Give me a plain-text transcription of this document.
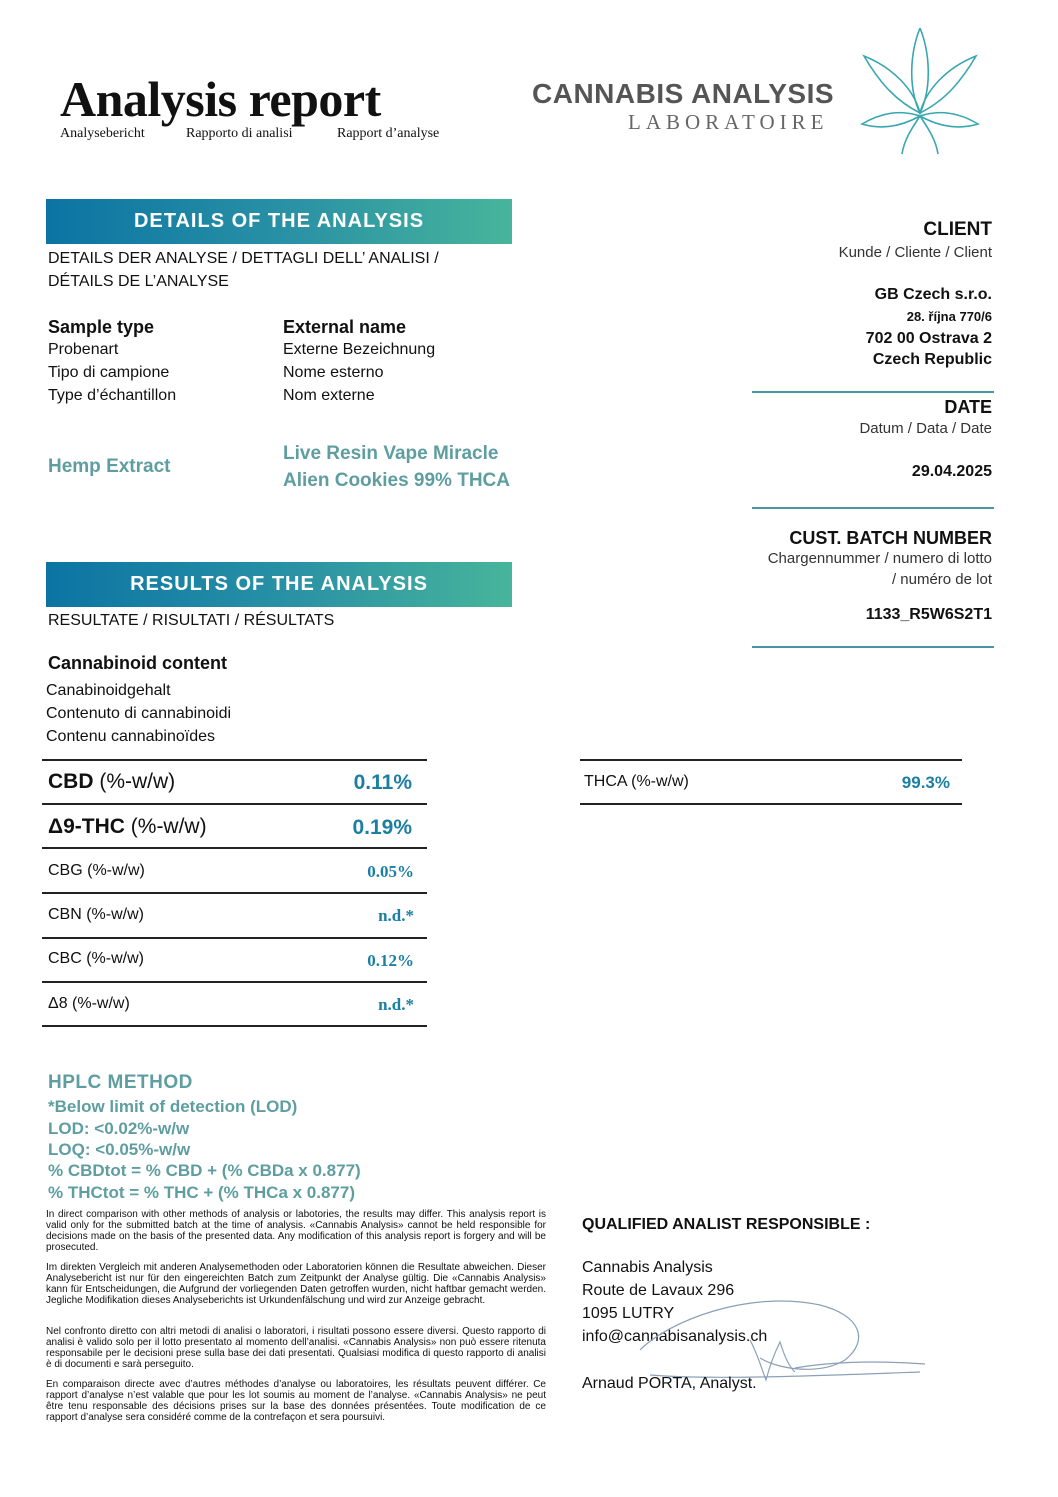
Analysis report
Analysebericht	Rapporto di analisi	Rapport d’analyse
CANNABIS ANALYSIS
LABORATOIRE
DETAILS OF THE ANALYSIS
DETAILS DER ANALYSE / DETTAGLI DELL’ ANALISI /
DÉTAILS DE L’ANALYSE
Sample type
Probenart
Tipo di campione
Type d’échantillon
Hemp Extract
External name
Externe Bezeichnung
Nome esterno
Nom externe
Live Resin Vape Miracle
Alien Cookies 99% THCA
CLIENT
Kunde / Cliente / Client
GB Czech s.r.o.
28. října 770/6
702 00 Ostrava 2
Czech Republic
DATE
Datum / Data / Date
29.04.2025
CUST. BATCH NUMBER
Chargennummer / numero di lotto
/ numéro de lot
1133_R5W6S2T1
RESULTS OF THE ANALYSIS
RESULTATE / RISULTATI / RÉSULTATS
Cannabinoid content
Canabinoidgehalt
Contenuto di cannabinoidi
Contenu cannabinoïdes
CBD (%-w/w)	0.11%
Δ9-THC (%-w/w)	0.19%
CBG (%-w/w)	0.05%
CBN (%-w/w)	n.d.*
CBC (%-w/w)	0.12%
Δ8 (%-w/w)	n.d.*
THCA (%-w/w)	99.3%
HPLC METHOD
*Below limit of detection (LOD)
LOD: <0.02%-w/w
LOQ: <0.05%-w/w
% CBDtot = % CBD + (% CBDa x 0.877)
% THCtot = % THC + (% THCa x 0.877)
In direct comparison with other methods of analysis or labotories, the results may differ. This analysis report is valid only for the submitted batch at the time of analysis. «Cannabis Analysis» cannot be held responsible for decisions made on the basis of the presented data. Any modification of this analysis report is forgery and will be prosecuted.
Im direkten Vergleich mit anderen Analysemethoden oder Laboratorien können die Resultate abweichen. Dieser Analysebericht ist nur für den eingereichten Batch zum Zeitpunkt der Analyse gültig. Die «Cannabis Analysis» kann für Entscheidungen, die Aufgrund der vorliegenden Daten getroffen wurden, nicht haftbar gemacht werden. Jegliche Modifikation dieses Analyseberichts ist Urkundenfälschung und wird zur Anzeige gebracht.
Nel confronto diretto con altri metodi di analisi o laboratori, i risultati possono essere diversi. Questo rapporto di analisi è valido solo per il lotto presentato al momento dell’analisi. «Cannabis Analysis» non può essere ritenuta responsabile per le decisioni prese sulla base dei dati presentati. Qualsiasi modifica di questo rapporto di analisi è di documenti e sarà perseguito.
En comparaison directe avec d’autres méthodes d’analyse ou laboratoires, les résultats peuvent différer. Ce rapport d’analyse n’est valable que pour les lot soumis au moment de l’analyse. «Cannabis Analysis» ne peut être tenu responsable des décisions prises sur la base des données présentées. Toute modification de ce rapport d’analyse sera considéré comme de la contrefaçon et sera poursuivi.
QUALIFIED ANALIST RESPONSIBLE :
Cannabis Analysis
Route de Lavaux 296
1095 LUTRY
info@cannabisanalysis.ch
Arnaud PORTA, Analyst.
